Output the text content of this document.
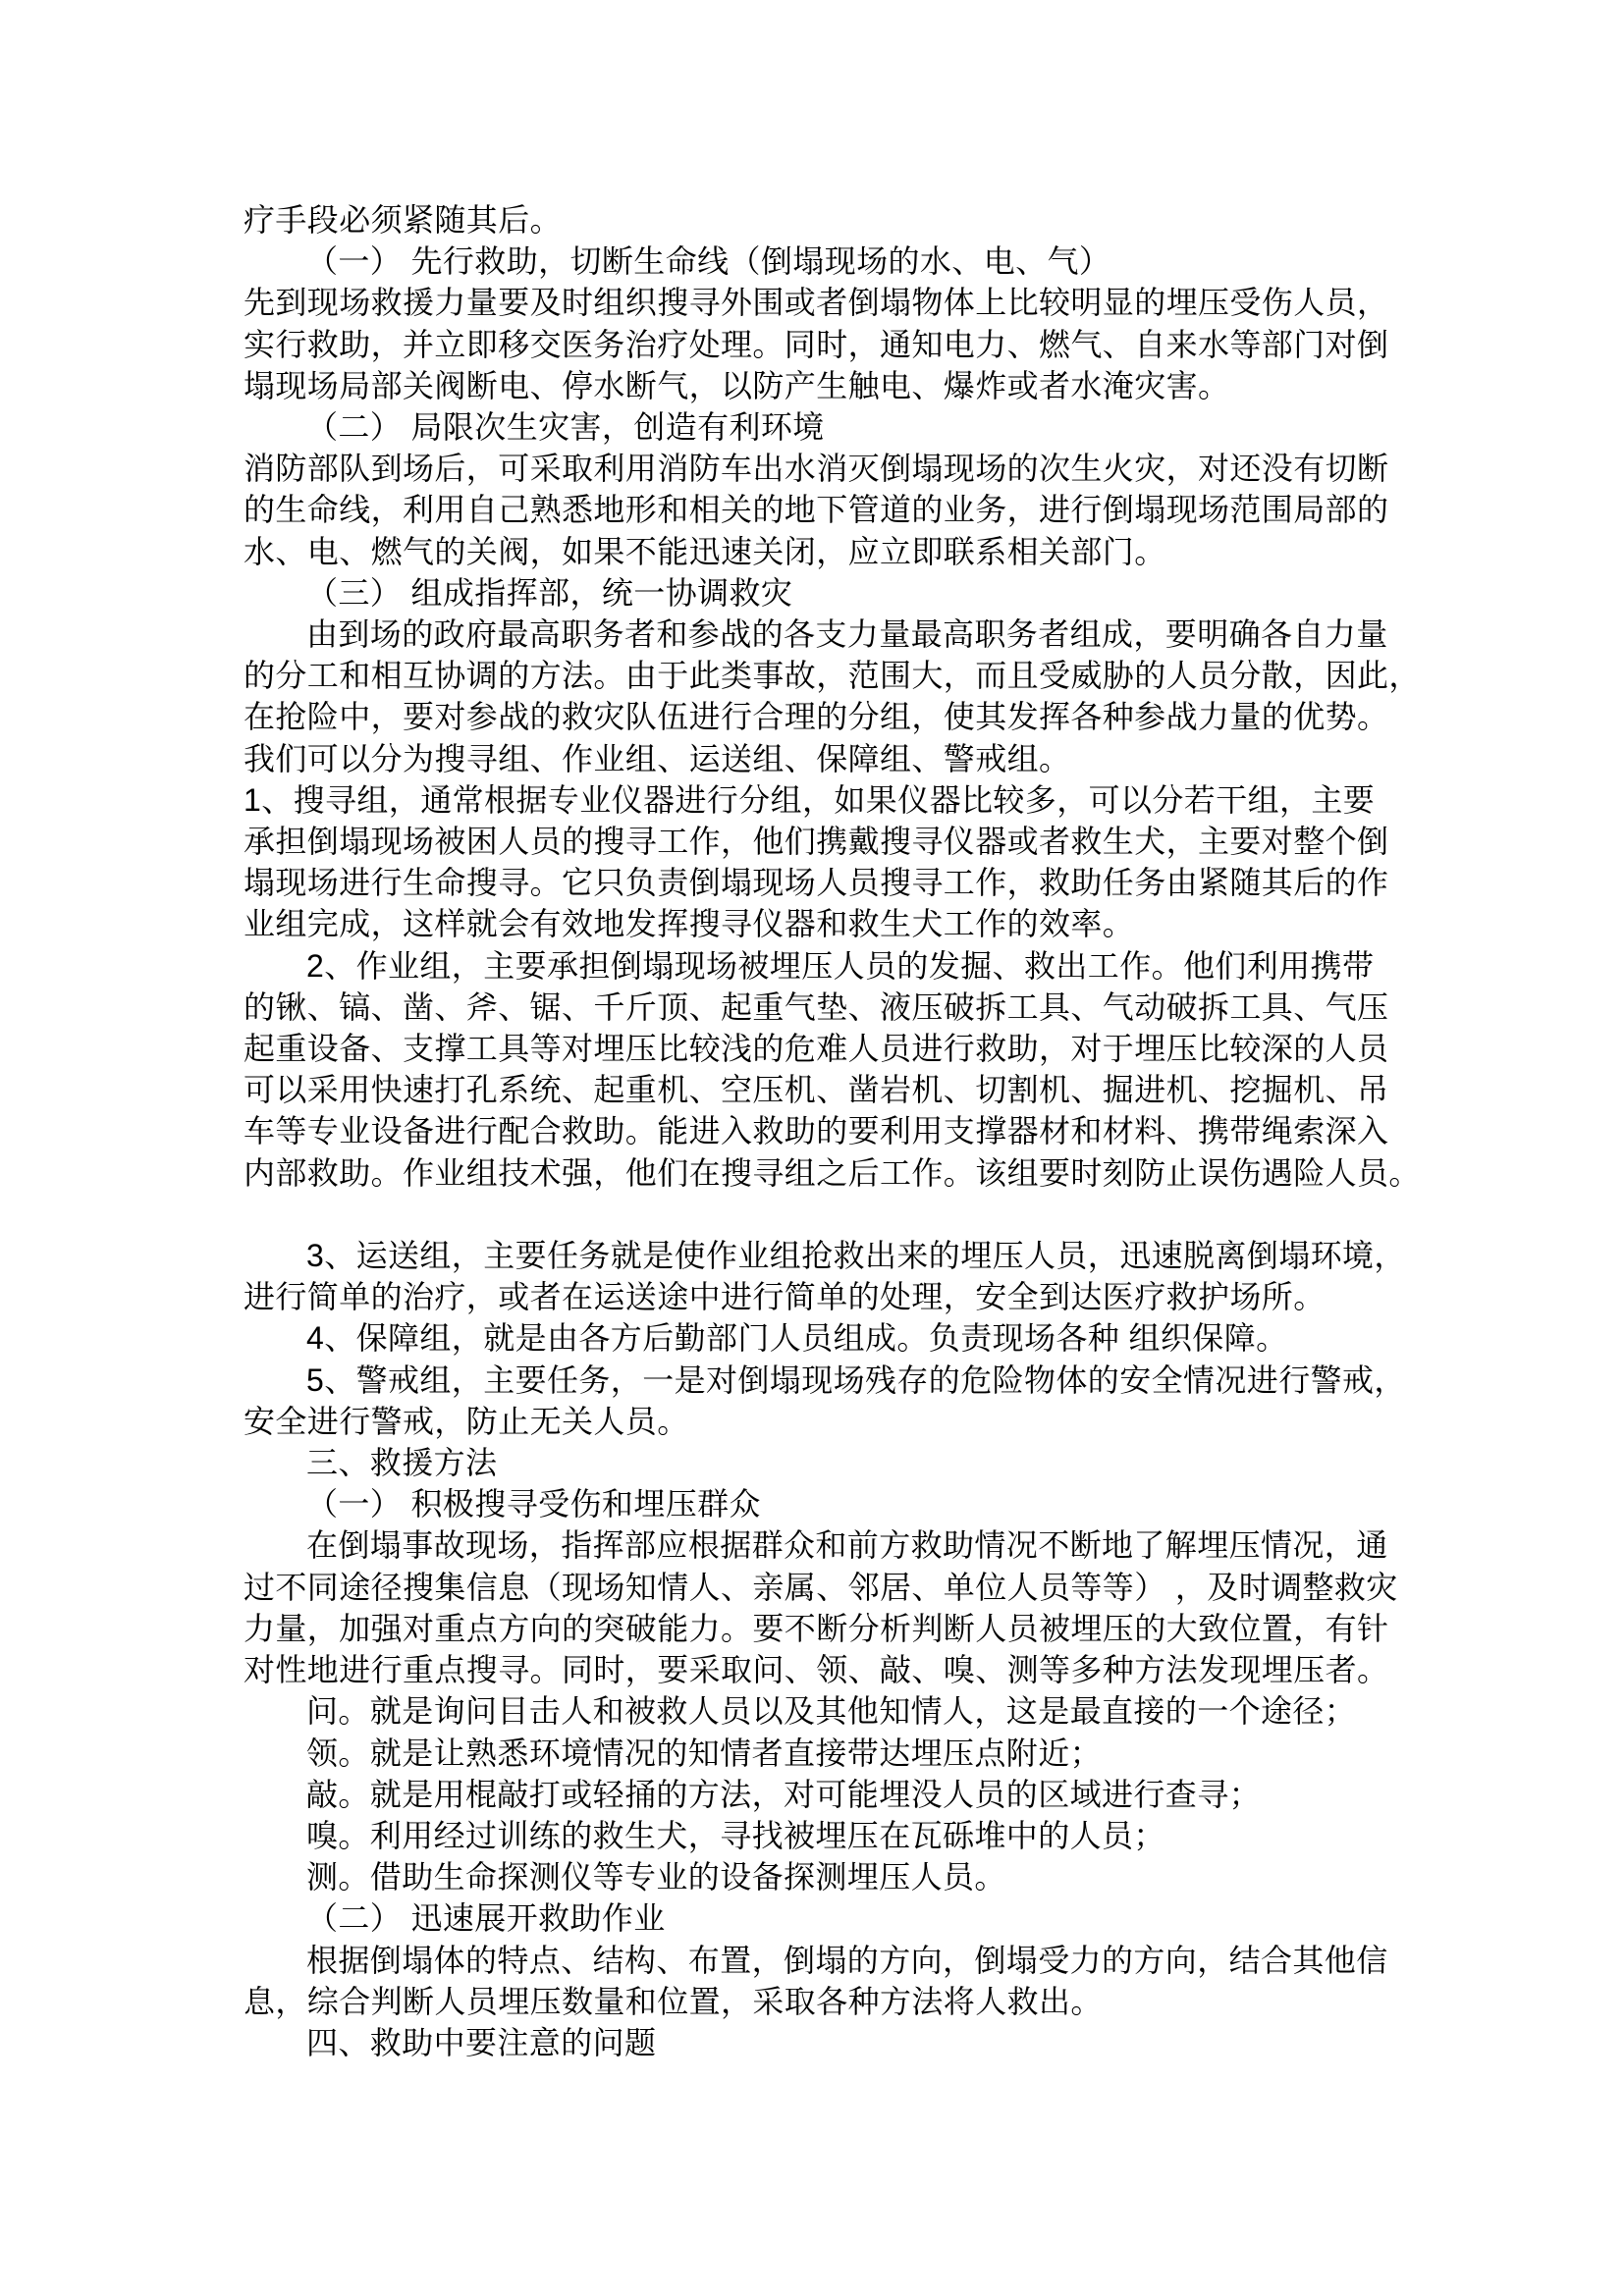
疗手段必须紧随其后。
（一） 先行救助，切断生命线（倒塌现场的水、电、气）
先到现场救援力量要及时组织搜寻外围或者倒塌物体上比较明显的埋压受伤人员，
实行救助，并立即移交医务治疗处理。同时，通知电力、燃气、自来水等部门对倒
塌现场局部关阀断电、停水断气，以防产生触电、爆炸或者水淹灾害。
（二） 局限次生灾害，创造有利环境
消防部队到场后，可采取利用消防车出水消灭倒塌现场的次生火灾，对还没有切断
的生命线，利用自己熟悉地形和相关的地下管道的业务，进行倒塌现场范围局部的
水、电、燃气的关阀，如果不能迅速关闭，应立即联系相关部门。
（三） 组成指挥部，统一协调救灾
由到场的政府最高职务者和参战的各支力量最高职务者组成，要明确各自力量
的分工和相互协调的方法。由于此类事故，范围大，而且受威胁的人员分散，因此，
在抢险中，要对参战的救灾队伍进行合理的分组，使其发挥各种参战力量的优势。
我们可以分为搜寻组、作业组、运送组、保障组、警戒组。
1、搜寻组，通常根据专业仪器进行分组，如果仪器比较多，可以分若干组，主要
承担倒塌现场被困人员的搜寻工作，他们携戴搜寻仪器或者救生犬，主要对整个倒
塌现场进行生命搜寻。它只负责倒塌现场人员搜寻工作，救助任务由紧随其后的作
业组完成，这样就会有效地发挥搜寻仪器和救生犬工作的效率。
2、作业组，主要承担倒塌现场被埋压人员的发掘、救出工作。他们利用携带
的锹、镐、凿、斧、锯、千斤顶、起重气垫、液压破拆工具、气动破拆工具、气压
起重设备、支撑工具等对埋压比较浅的危难人员进行救助，对于埋压比较深的人员
可以采用快速打孔系统、起重机、空压机、凿岩机、切割机、掘进机、挖掘机、吊
车等专业设备进行配合救助。能进入救助的要利用支撑器材和材料、携带绳索深入
内部救助。作业组技术强，他们在搜寻组之后工作。该组要时刻防止误伤遇险人员。
3、运送组，主要任务就是使作业组抢救出来的埋压人员，迅速脱离倒塌环境，
进行简单的治疗，或者在运送途中进行简单的处理，安全到达医疗救护场所。
4、保障组，就是由各方后勤部门人员组成。负责现场各种 组织保障。
5、警戒组，主要任务，一是对倒塌现场残存的危险物体的安全情况进行警戒，
安全进行警戒，防止无关人员。
三、救援方法
（一） 积极搜寻受伤和埋压群众
在倒塌事故现场，指挥部应根据群众和前方救助情况不断地了解埋压情况，通
过不同途径搜集信息（现场知情人、亲属、邻居、单位人员等等） ，及时调整救灾
力量，加强对重点方向的突破能力。要不断分析判断人员被埋压的大致位置，有针
对性地进行重点搜寻。同时，要采取问、领、敲、嗅、测等多种方法发现埋压者。
问。就是询问目击人和被救人员以及其他知情人，这是最直接的一个途径；
领。就是让熟悉环境情况的知情者直接带达埋压点附近；
敲。就是用棍敲打或轻捅的方法，对可能埋没人员的区域进行查寻；
嗅。利用经过训练的救生犬，寻找被埋压在瓦砾堆中的人员；
测。借助生命探测仪等专业的设备探测埋压人员。
（二） 迅速展开救助作业
根据倒塌体的特点、结构、布置，倒塌的方向，倒塌受力的方向，结合其他信
息，综合判断人员埋压数量和位置，采取各种方法将人救出。
四、救助中要注意的问题
